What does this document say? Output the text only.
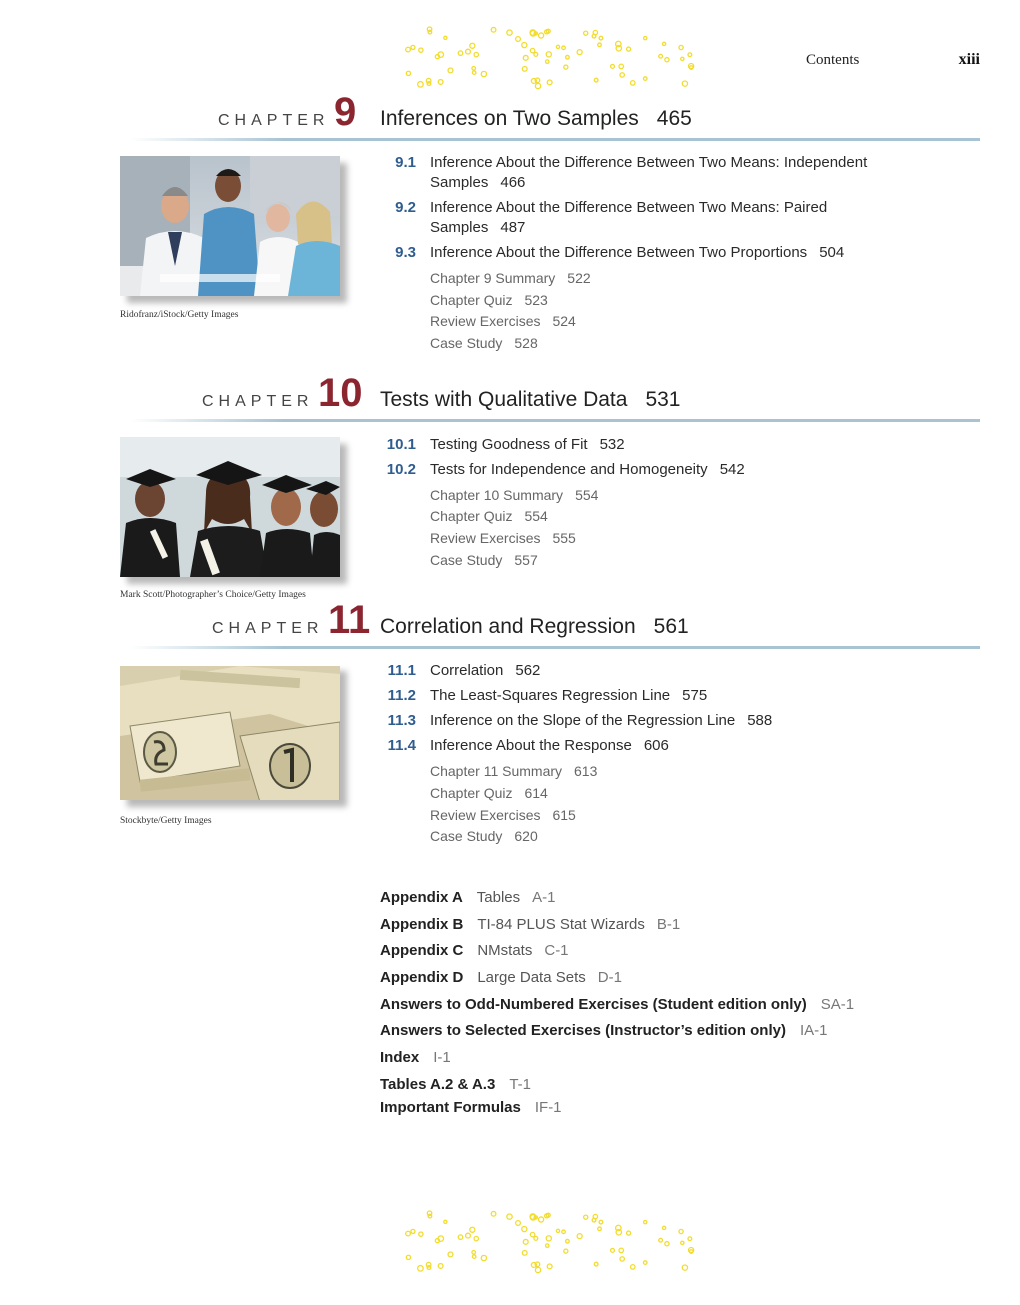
Contents	xiii
CHAPTER 9 Inferences on Two Samples 465
Ridofranz/iStock/Getty Images
9.1 Inference About the Difference Between Two Means: Independent Samples 466
9.2 Inference About the Difference Between Two Means: Paired Samples 487
9.3 Inference About the Difference Between Two Proportions 504
Chapter 9 Summary 522
Chapter Quiz 523
Review Exercises 524
Case Study 528
CHAPTER 10 Tests with Qualitative Data 531
Mark Scott/Photographer’s Choice/Getty Images
10.1 Testing Goodness of Fit 532
10.2 Tests for Independence and Homogeneity 542
Chapter 10 Summary 554
Chapter Quiz 554
Review Exercises 555
Case Study 557
CHAPTER 11 Correlation and Regression 561
Stockbyte/Getty Images
11.1 Correlation 562
11.2 The Least-Squares Regression Line 575
11.3 Inference on the Slope of the Regression Line 588
11.4 Inference About the Response 606
Chapter 11 Summary 613
Chapter Quiz 614
Review Exercises 615
Case Study 620
Appendix A Tables A-1
Appendix B TI-84 PLUS Stat Wizards B-1
Appendix C NMstats C-1
Appendix D Large Data Sets D-1
Answers to Odd-Numbered Exercises (Student edition only) SA-1
Answers to Selected Exercises (Instructor’s edition only) IA-1
Index I-1
Tables A.2 & A.3 T-1
Important Formulas IF-1
